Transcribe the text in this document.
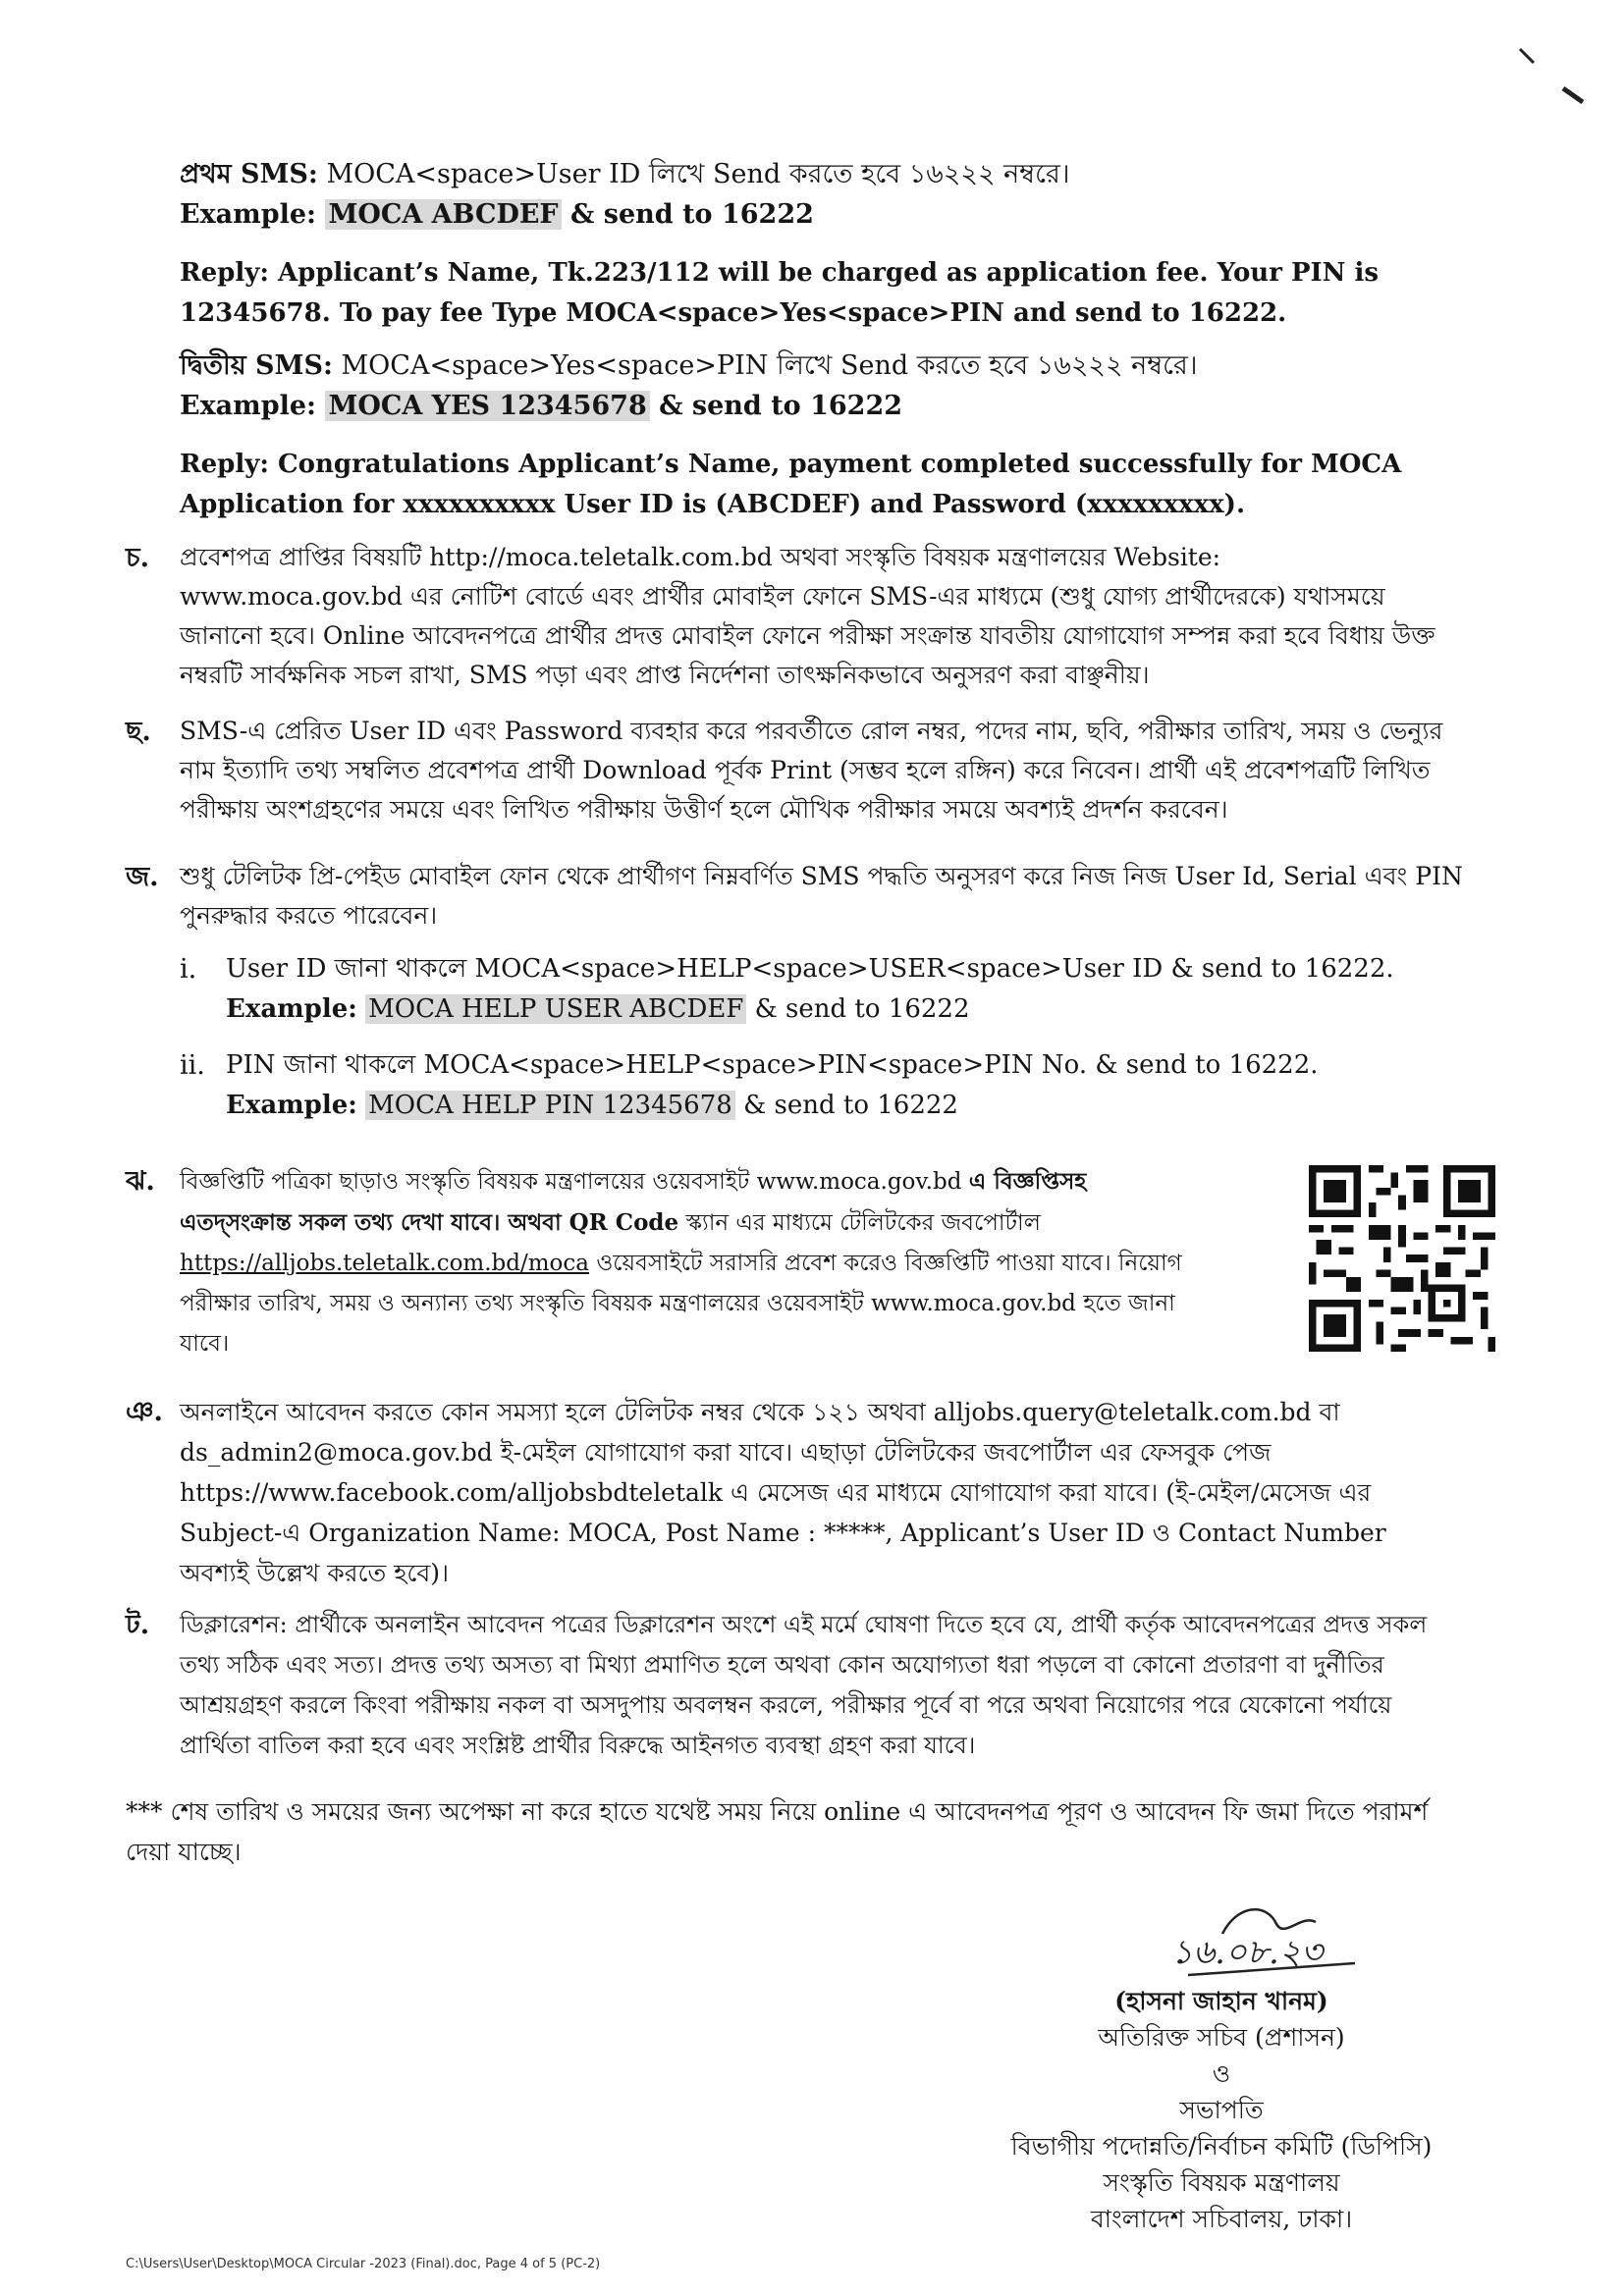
প্রথম SMS: MOCA<space>User ID লিখে Send করতে হবে ১৬২২২ নম্বরে।
Example: MOCA ABCDEF & send to 16222
Reply: Applicant’s Name, Tk.223/112 will be charged as application fee. Your PIN is
12345678. To pay fee Type MOCA<space>Yes<space>PIN and send to 16222.
দ্বিতীয় SMS: MOCA<space>Yes<space>PIN লিখে Send করতে হবে ১৬২২২ নম্বরে।
Example: MOCA YES 12345678 & send to 16222
Reply: Congratulations Applicant’s Name, payment completed successfully for MOCA
Application for xxxxxxxxxx User ID is (ABCDEF) and Password (xxxxxxxxx).
চ. প্রবেশপত্র প্রাপ্তির বিষয়টি http://moca.teletalk.com.bd অথবা সংস্কৃতি বিষয়ক মন্ত্রণালয়ের Website:
www.moca.gov.bd এর নোটিশ বোর্ডে এবং প্রার্থীর মোবাইল ফোনে SMS-এর মাধ্যমে (শুধু যোগ্য প্রার্থীদেরকে) যথাসময়ে
জানানো হবে। Online আবেদনপত্রে প্রার্থীর প্রদত্ত মোবাইল ফোনে পরীক্ষা সংক্রান্ত যাবতীয় যোগাযোগ সম্পন্ন করা হবে বিধায় উক্ত
নম্বরটি সার্বক্ষনিক সচল রাখা, SMS পড়া এবং প্রাপ্ত নির্দেশনা তাৎক্ষনিকভাবে অনুসরণ করা বাঞ্ছনীয়।
ছ. SMS-এ প্রেরিত User ID এবং Password ব্যবহার করে পরবর্তীতে রোল নম্বর, পদের নাম, ছবি, পরীক্ষার তারিখ, সময় ও ভেন্যুর
নাম ইত্যাদি তথ্য সম্বলিত প্রবেশপত্র প্রার্থী Download পূর্বক Print (সম্ভব হলে রঙ্গিন) করে নিবেন। প্রার্থী এই প্রবেশপত্রটি লিখিত
পরীক্ষায় অংশগ্রহণের সময়ে এবং লিখিত পরীক্ষায় উত্তীর্ণ হলে মৌখিক পরীক্ষার সময়ে অবশ্যই প্রদর্শন করবেন।
জ. শুধু টেলিটক প্রি-পেইড মোবাইল ফোন থেকে প্রার্থীগণ নিম্নবর্ণিত SMS পদ্ধতি অনুসরণ করে নিজ নিজ User Id, Serial এবং PIN
পুনরুদ্ধার করতে পারেবেন।
i. User ID জানা থাকলে MOCA<space>HELP<space>USER<space>User ID & send to 16222.
Example: MOCA HELP USER ABCDEF & send to 16222
ii. PIN জানা থাকলে MOCA<space>HELP<space>PIN<space>PIN No. & send to 16222.
Example: MOCA HELP PIN 12345678 & send to 16222
ঝ. বিজ্ঞপ্তিটি পত্রিকা ছাড়াও সংস্কৃতি বিষয়ক মন্ত্রণালয়ের ওয়েবসাইট www.moca.gov.bd এ বিজ্ঞপ্তিসহ
এতদ্‌সংক্রান্ত সকল তথ্য দেখা যাবে। অথবা QR Code স্ক্যান এর মাধ্যমে টেলিটকের জবপোর্টাল
https://alljobs.teletalk.com.bd/moca ওয়েবসাইটে সরাসরি প্রবেশ করেও বিজ্ঞপ্তিটি পাওয়া যাবে। নিয়োগ
পরীক্ষার তারিখ, সময় ও অন্যান্য তথ্য সংস্কৃতি বিষয়ক মন্ত্রণালয়ের ওয়েবসাইট www.moca.gov.bd হতে জানা
যাবে।
ঞ. অনলাইনে আবেদন করতে কোন সমস্যা হলে টেলিটক নম্বর থেকে ১২১ অথবা alljobs.query@teletalk.com.bd বা
ds_admin2@moca.gov.bd ই-মেইল যোগাযোগ করা যাবে। এছাড়া টেলিটকের জবপোর্টাল এর ফেসবুক পেজ
https://www.facebook.com/alljobsbdteletalk এ মেসেজ এর মাধ্যমে যোগাযোগ করা যাবে। (ই-মেইল/মেসেজ এর
Subject-এ Organization Name: MOCA, Post Name : *****, Applicant’s User ID ও Contact Number
অবশ্যই উল্লেখ করতে হবে)।
ট. ডিক্লারেশন: প্রার্থীকে অনলাইন আবেদন পত্রের ডিক্লারেশন অংশে এই মর্মে ঘোষণা দিতে হবে যে, প্রার্থী কর্তৃক আবেদনপত্রের প্রদত্ত সকল
তথ্য সঠিক এবং সত্য। প্রদত্ত তথ্য অসত্য বা মিথ্যা প্রমাণিত হলে অথবা কোন অযোগ্যতা ধরা পড়লে বা কোনো প্রতারণা বা দুর্নীতির
আশ্রয়গ্রহণ করলে কিংবা পরীক্ষায় নকল বা অসদুপায় অবলম্বন করলে, পরীক্ষার পূর্বে বা পরে অথবা নিয়োগের পরে যেকোনো পর্যায়ে
প্রার্থিতা বাতিল করা হবে এবং সংশ্লিষ্ট প্রার্থীর বিরুদ্ধে আইনগত ব্যবস্থা গ্রহণ করা যাবে।
*** শেষ তারিখ ও সময়ের জন্য অপেক্ষা না করে হাতে যথেষ্ট সময় নিয়ে online এ আবেদনপত্র পূরণ ও আবেদন ফি জমা দিতে পরামর্শ
দেয়া যাচ্ছে।
১৬.০৮.২৩
(হাসনা জাহান খানম)
অতিরিক্ত সচিব (প্রশাসন)
ও
সভাপতি
বিভাগীয় পদোন্নতি/নির্বাচন কমিটি (ডিপিসি)
সংস্কৃতি বিষয়ক মন্ত্রণালয়
বাংলাদেশ সচিবালয়, ঢাকা।
C:\Users\User\Desktop\MOCA Circular -2023 (Final).doc, Page 4 of 5 (PC-2)
